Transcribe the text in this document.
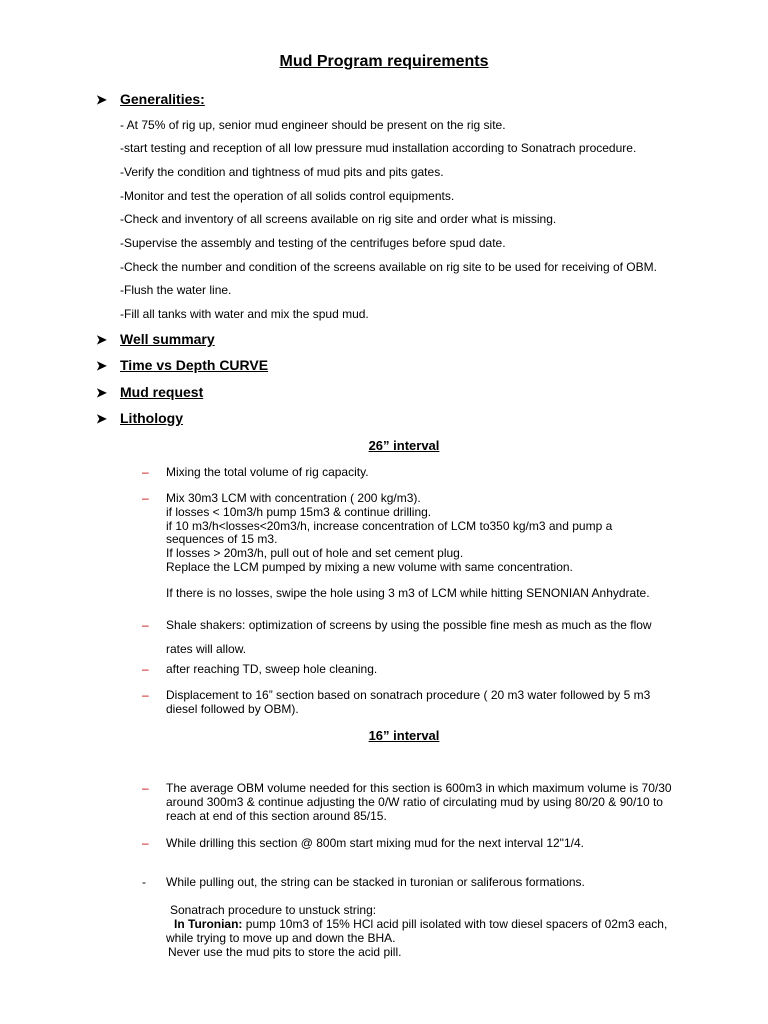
Mud Program requirements
➤ Generalities:
- At 75% of rig up, senior mud engineer should be present on the rig site.
-start testing and reception of all low pressure mud installation according to Sonatrach procedure.
-Verify the condition and tightness of mud pits and pits gates.
-Monitor and test the operation of all solids control equipments.
-Check and inventory of all screens available on rig site and order what is missing.
-Supervise the assembly and testing of the centrifuges before spud date.
-Check the number and condition of the screens available on rig site to be used for receiving of OBM.
-Flush the water line.
-Fill all tanks with water and mix the spud mud.
➤ Well summary
➤ Time vs Depth CURVE
➤ Mud request
➤ Lithology
26” interval
– Mixing the total volume of rig capacity.
– Mix 30m3 LCM with concentration ( 200 kg/m3).
if losses < 10m3/h pump 15m3 & continue drilling.
if 10 m3/h<losses<20m3/h, increase concentration of LCM to350 kg/m3 and pump a
sequences of 15 m3.
If losses > 20m3/h, pull out of hole and set cement plug.
Replace the LCM pumped by mixing a new volume with same concentration.
If there is no losses, swipe the hole using 3 m3 of LCM while hitting SENONIAN Anhydrate.
– Shale shakers: optimization of screens by using the possible fine mesh as much as the flow
rates will allow.
– after reaching TD, sweep hole cleaning.
– Displacement to 16” section based on sonatrach procedure ( 20 m3 water followed by 5 m3
diesel followed by OBM).
16” interval
– The average OBM volume needed for this section is 600m3 in which maximum volume is 70/30
around 300m3 & continue adjusting the 0/W ratio of circulating mud by using 80/20 & 90/10 to
reach at end of this section around 85/15.
– While drilling this section @ 800m start mixing mud for the next interval 12"1/4.
- While pulling out, the string can be stacked in turonian or saliferous formations.
Sonatrach procedure to unstuck string:
In Turonian: pump 10m3 of 15% HCl acid pill isolated with tow diesel spacers of 02m3 each,
while trying to move up and down the BHA.
Never use the mud pits to store the acid pill.
